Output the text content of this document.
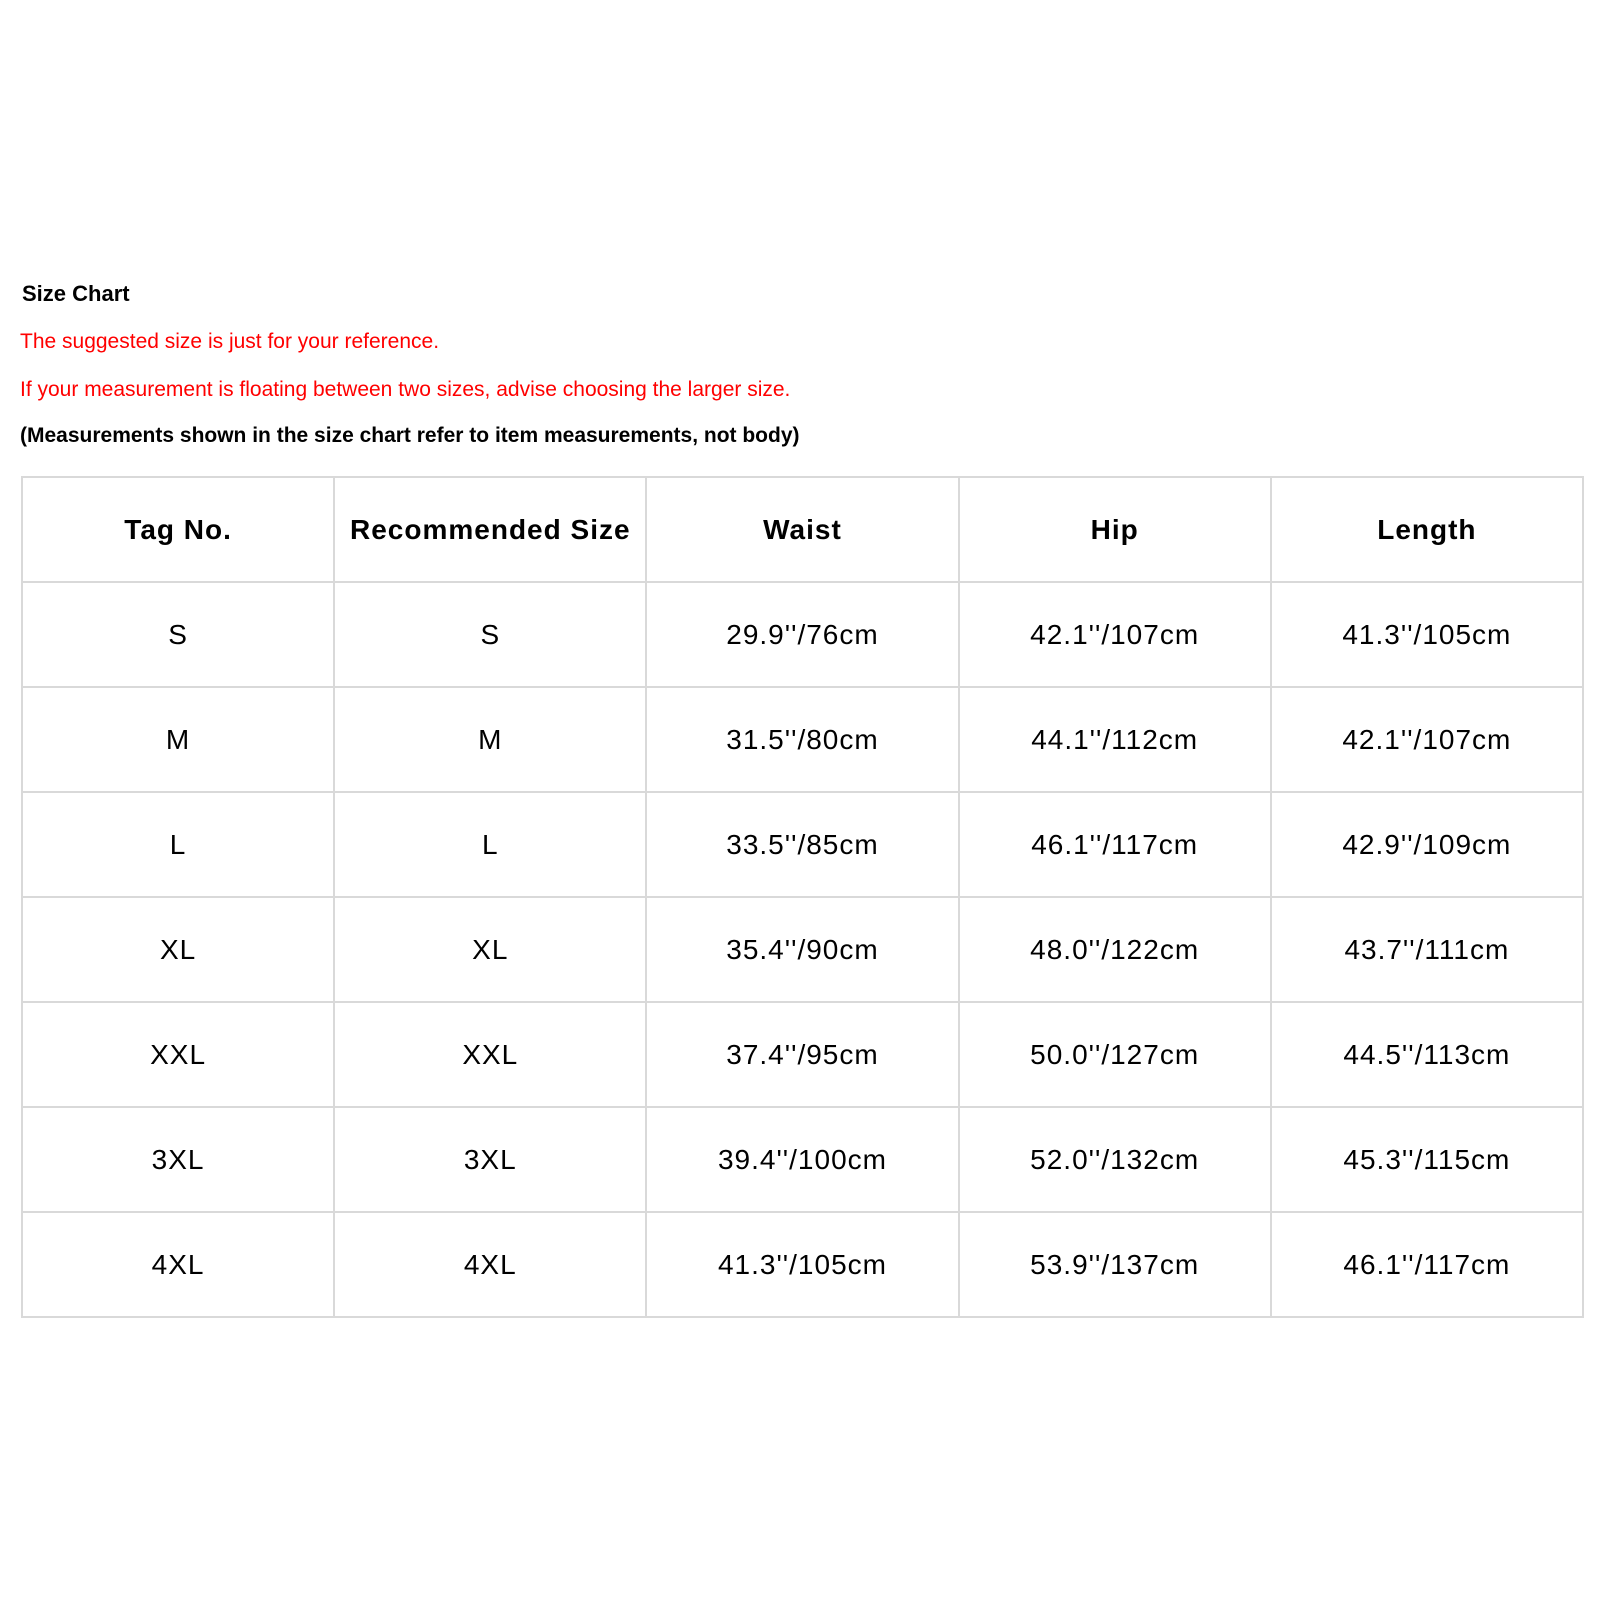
Size Chart
The suggested size is just for your reference.
If your measurement is floating between two sizes, advise choosing the larger size.
(Measurements shown in the size chart refer to item measurements, not body)
Tag No.	Recommended Size	Waist	Hip	Length
S	S	29.9''/76cm	42.1''/107cm	41.3''/105cm
M	M	31.5''/80cm	44.1''/112cm	42.1''/107cm
L	L	33.5''/85cm	46.1''/117cm	42.9''/109cm
XL	XL	35.4''/90cm	48.0''/122cm	43.7''/111cm
XXL	XXL	37.4''/95cm	50.0''/127cm	44.5''/113cm
3XL	3XL	39.4''/100cm	52.0''/132cm	45.3''/115cm
4XL	4XL	41.3''/105cm	53.9''/137cm	46.1''/117cm
